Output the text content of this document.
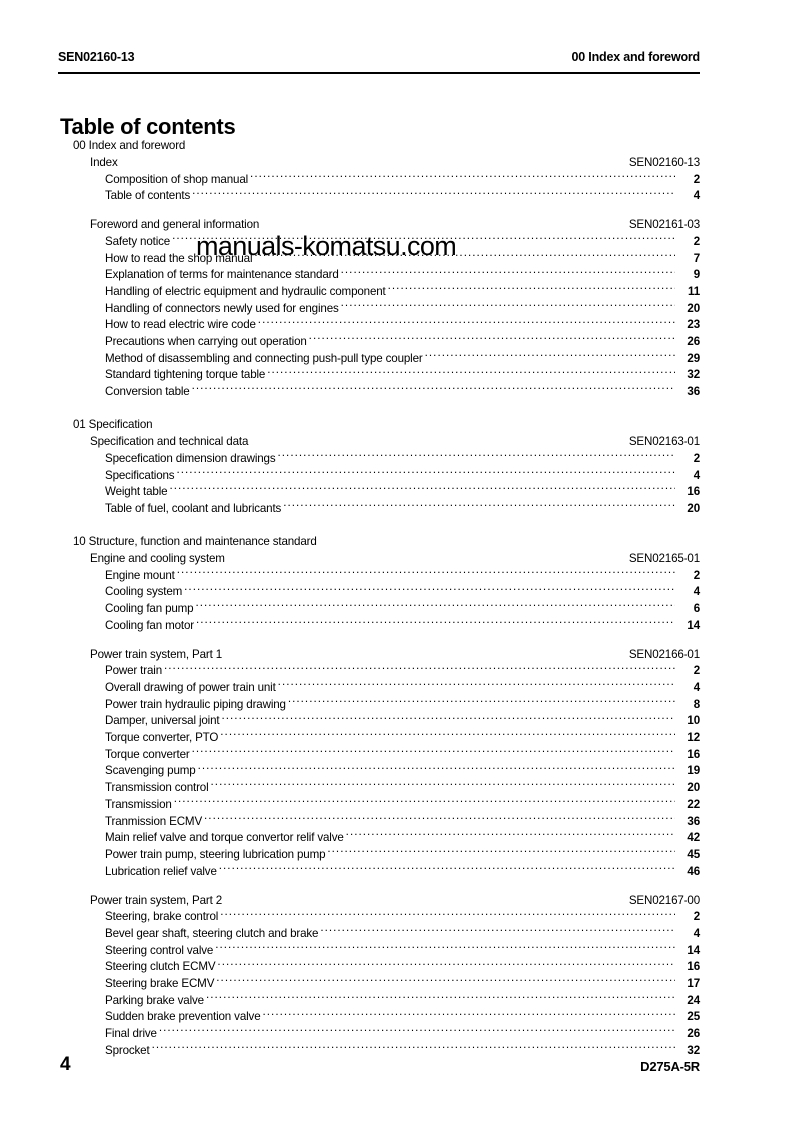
SEN02160-13	00 Index and foreword
Table of contents
00 Index and foreword
Index	SEN02160-13
Composition of shop manual .....	2
Table of contents .....	4
Foreword and general information	SEN02161-03
Safety notice .....	2
How to read the shop manual .....	7
Explanation of terms for maintenance standard .....	9
Handling of electric equipment and hydraulic component .....	11
Handling of connectors newly used for engines .....	20
How to read electric wire code .....	23
Precautions when carrying out operation .....	26
Method of disassembling and connecting push-pull type coupler .....	29
Standard tightening torque table .....	32
Conversion table .....	36
01 Specification
Specification and technical data	SEN02163-01
Specefication dimension drawings .....	2
Specifications .....	4
Weight table .....	16
Table of fuel, coolant and lubricants .....	20
10 Structure, function and maintenance standard
Engine and cooling system	SEN02165-01
Engine mount .....	2
Cooling system .....	4
Cooling fan pump .....	6
Cooling fan motor .....	14
Power train system, Part 1	SEN02166-01
Power train .....	2
Overall drawing of power train unit .....	4
Power train hydraulic piping drawing .....	8
Damper, universal joint .....	10
Torque converter, PTO .....	12
Torque converter .....	16
Scavenging pump .....	19
Transmission control .....	20
Transmission .....	22
Tranmission ECMV .....	36
Main relief valve and torque convertor relif valve .....	42
Power train pump, steering lubrication pump .....	45
Lubrication relief valve .....	46
Power train system, Part 2	SEN02167-00
Steering, brake control .....	2
Bevel gear shaft, steering clutch and brake .....	4
Steering control valve .....	14
Steering clutch ECMV .....	16
Steering brake ECMV .....	17
Parking brake valve .....	24
Sudden brake prevention valve .....	25
Final drive .....	26
Sprocket .....	32
manuals-komatsu.com
4	D275A-5R
